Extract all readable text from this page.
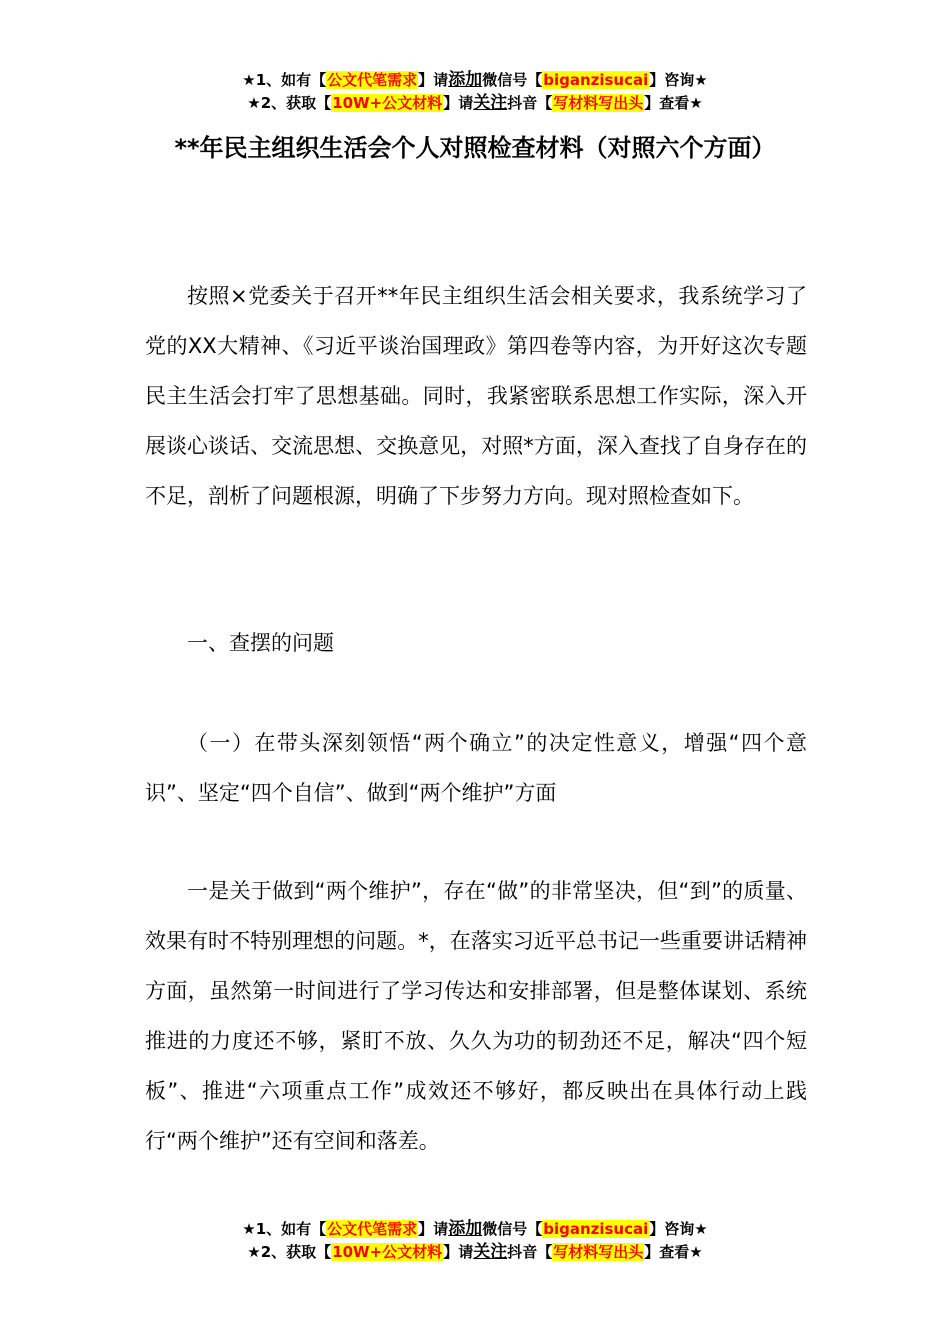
★1、如有【公文代笔需求】请添加微信号【biganzisucai】咨询★
★2、获取【10W+公文材料】请关注抖音【写材料写出头】查看★
**年民主组织生活会个人对照检查材料（对照六个方面）
按照×党委关于召开**年民主组织生活会相关要求，我系统学习了党的XX大精神、《习近平谈治国理政》第四卷等内容，为开好这次专题民主生活会打牢了思想基础。同时，我紧密联系思想工作实际，深入开展谈心谈话、交流思想、交换意见，对照*方面，深入查找了自身存在的不足，剖析了问题根源，明确了下步努力方向。现对照检查如下。
一、查摆的问题
（一）在带头深刻领悟“两个确立”的决定性意义，增强“四个意识”、坚定“四个自信”、做到“两个维护”方面
一是关于做到“两个维护”，存在“做”的非常坚决，但“到”的质量、效果有时不特别理想的问题。*，在落实习近平总书记一些重要讲话精神方面，虽然第一时间进行了学习传达和安排部署，但是整体谋划、系统推进的力度还不够，紧盯不放、久久为功的韧劲还不足，解决“四个短板”、推进“六项重点工作”成效还不够好，都反映出在具体行动上践行“两个维护”还有空间和落差。
★1、如有【公文代笔需求】请添加微信号【biganzisucai】咨询★
★2、获取【10W+公文材料】请关注抖音【写材料写出头】查看★
